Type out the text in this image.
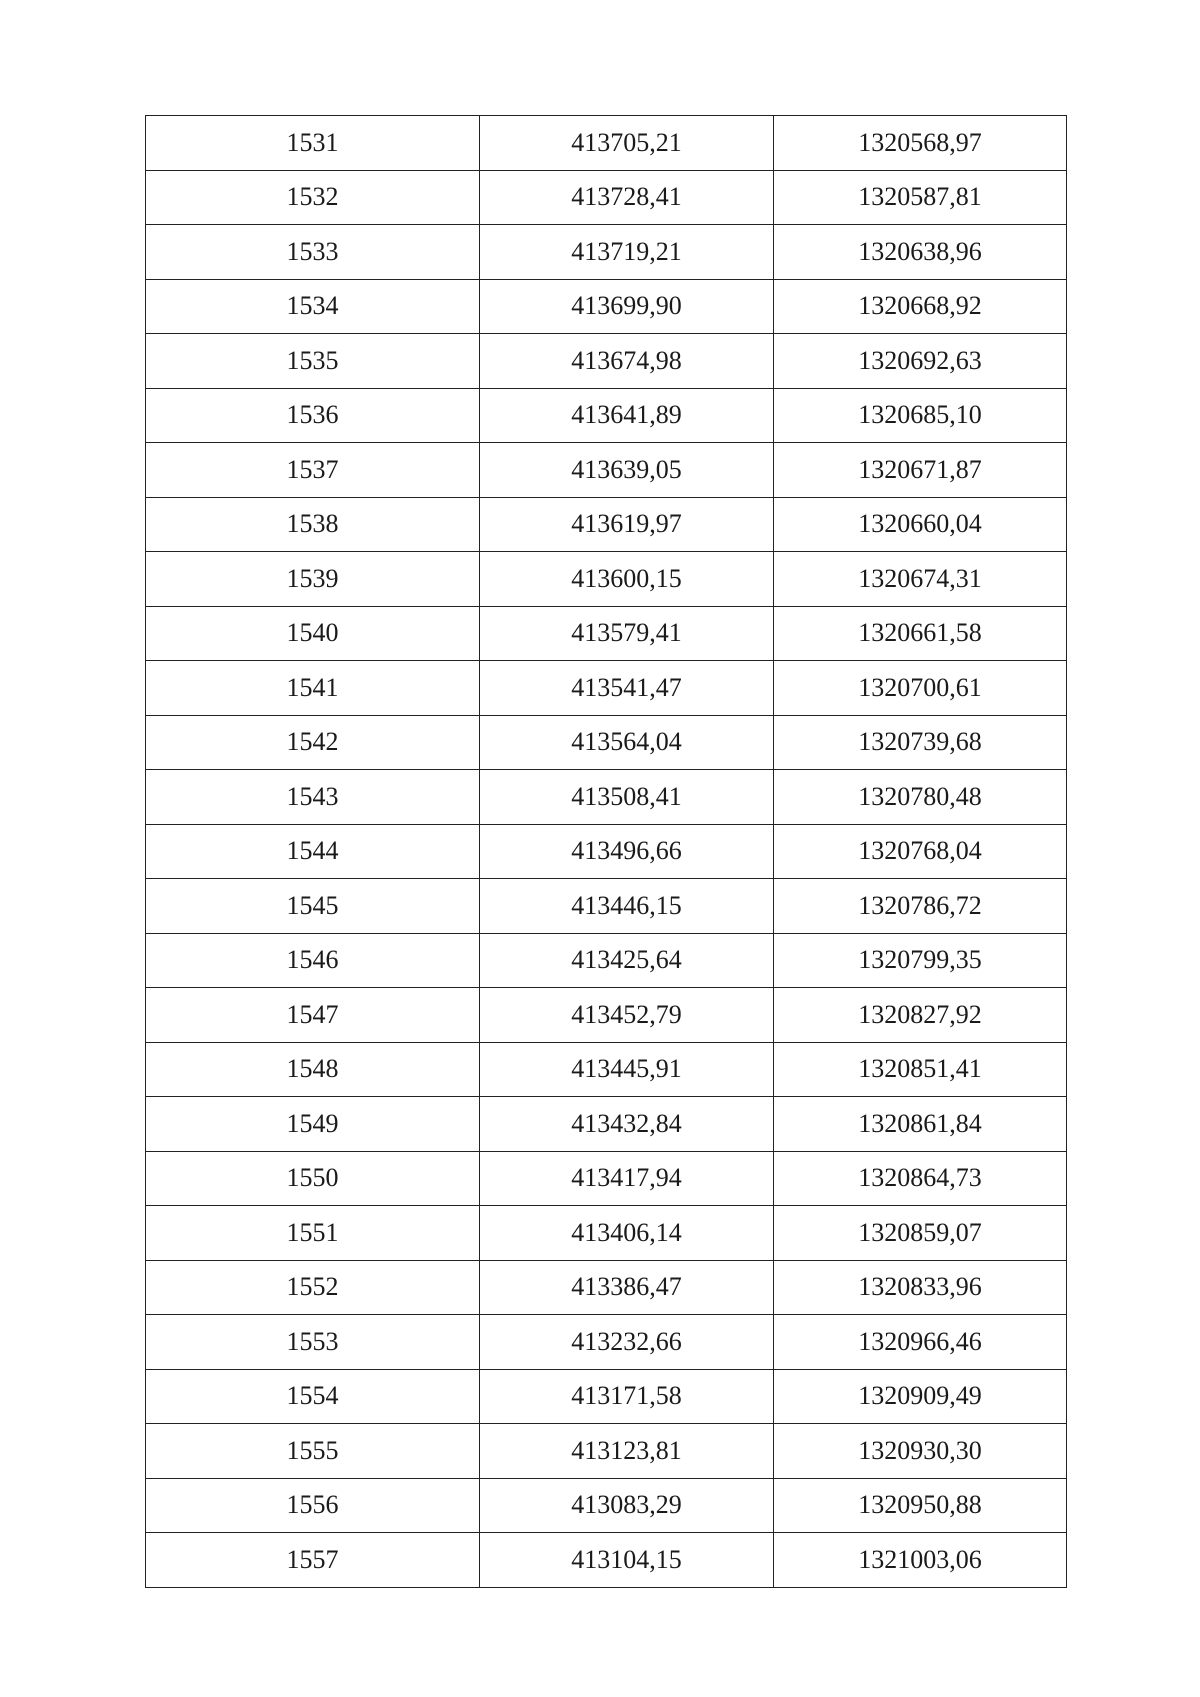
1531	413705,21	1320568,97
1532	413728,41	1320587,81
1533	413719,21	1320638,96
1534	413699,90	1320668,92
1535	413674,98	1320692,63
1536	413641,89	1320685,10
1537	413639,05	1320671,87
1538	413619,97	1320660,04
1539	413600,15	1320674,31
1540	413579,41	1320661,58
1541	413541,47	1320700,61
1542	413564,04	1320739,68
1543	413508,41	1320780,48
1544	413496,66	1320768,04
1545	413446,15	1320786,72
1546	413425,64	1320799,35
1547	413452,79	1320827,92
1548	413445,91	1320851,41
1549	413432,84	1320861,84
1550	413417,94	1320864,73
1551	413406,14	1320859,07
1552	413386,47	1320833,96
1553	413232,66	1320966,46
1554	413171,58	1320909,49
1555	413123,81	1320930,30
1556	413083,29	1320950,88
1557	413104,15	1321003,06
